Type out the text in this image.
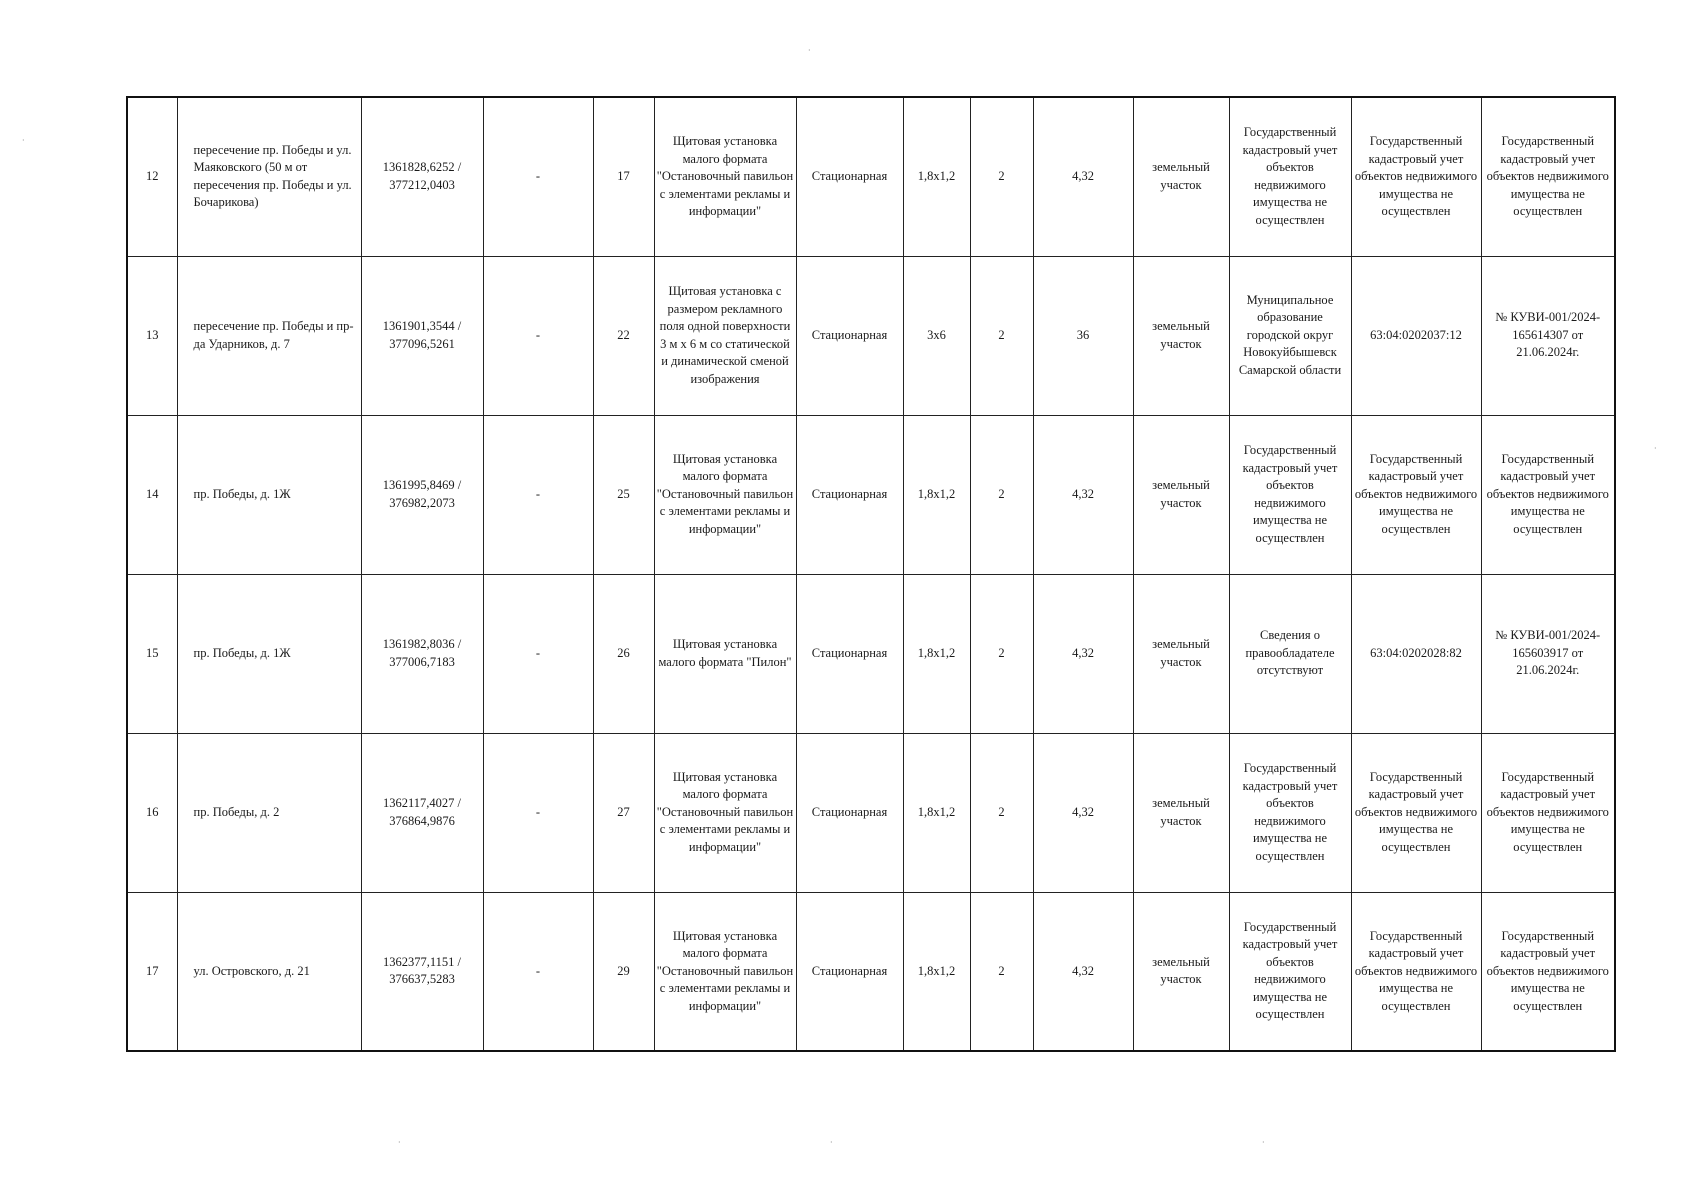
12	пересечение пр. Победы и ул. Маяковского (50 м от пересечения пр. Победы и ул. Бочарикова)	1361828,6252 / 377212,0403	-	17	Щитовая установка малого формата "Остановочный павильон с элементами рекламы и информации"	Стационарная	1,8х1,2	2	4,32	земельный участок	Государственный кадастровый учет объектов недвижимого имущества не осуществлен	Государственный кадастровый учет объектов недвижимого имущества не осуществлен	Государственный кадастровый учет объектов недвижимого имущества не осуществлен
13	пересечение пр. Победы и пр-да Ударников, д. 7	1361901,3544 / 377096,5261	-	22	Щитовая установка с размером рекламного поля одной поверхности 3 м х 6 м со статической и динамической сменой изображения	Стационарная	3х6	2	36	земельный участок	Муниципальное образование городской округ Новокуйбышевск Самарской области	63:04:0202037:12	№ КУВИ-001/2024-165614307 от 21.06.2024г.
14	пр. Победы, д. 1Ж	1361995,8469 / 376982,2073	-	25	Щитовая установка малого формата "Остановочный павильон с элементами рекламы и информации"	Стационарная	1,8х1,2	2	4,32	земельный участок	Государственный кадастровый учет объектов недвижимого имущества не осуществлен	Государственный кадастровый учет объектов недвижимого имущества не осуществлен	Государственный кадастровый учет объектов недвижимого имущества не осуществлен
15	пр. Победы, д. 1Ж	1361982,8036 / 377006,7183	-	26	Щитовая установка малого формата "Пилон"	Стационарная	1,8х1,2	2	4,32	земельный участок	Сведения о правообладателе отсутствуют	63:04:0202028:82	№ КУВИ-001/2024-165603917 от 21.06.2024г.
16	пр. Победы, д. 2	1362117,4027 / 376864,9876	-	27	Щитовая установка малого формата "Остановочный павильон с элементами рекламы и информации"	Стационарная	1,8х1,2	2	4,32	земельный участок	Государственный кадастровый учет объектов недвижимого имущества не осуществлен	Государственный кадастровый учет объектов недвижимого имущества не осуществлен	Государственный кадастровый учет объектов недвижимого имущества не осуществлен
17	ул. Островского, д. 21	1362377,1151 / 376637,5283	-	29	Щитовая установка малого формата "Остановочный павильон с элементами рекламы и информации"	Стационарная	1,8х1,2	2	4,32	земельный участок	Государственный кадастровый учет объектов недвижимого имущества не осуществлен	Государственный кадастровый учет объектов недвижимого имущества не осуществлен	Государственный кадастровый учет объектов недвижимого имущества не осуществлен
·
·
·
·	·	·
